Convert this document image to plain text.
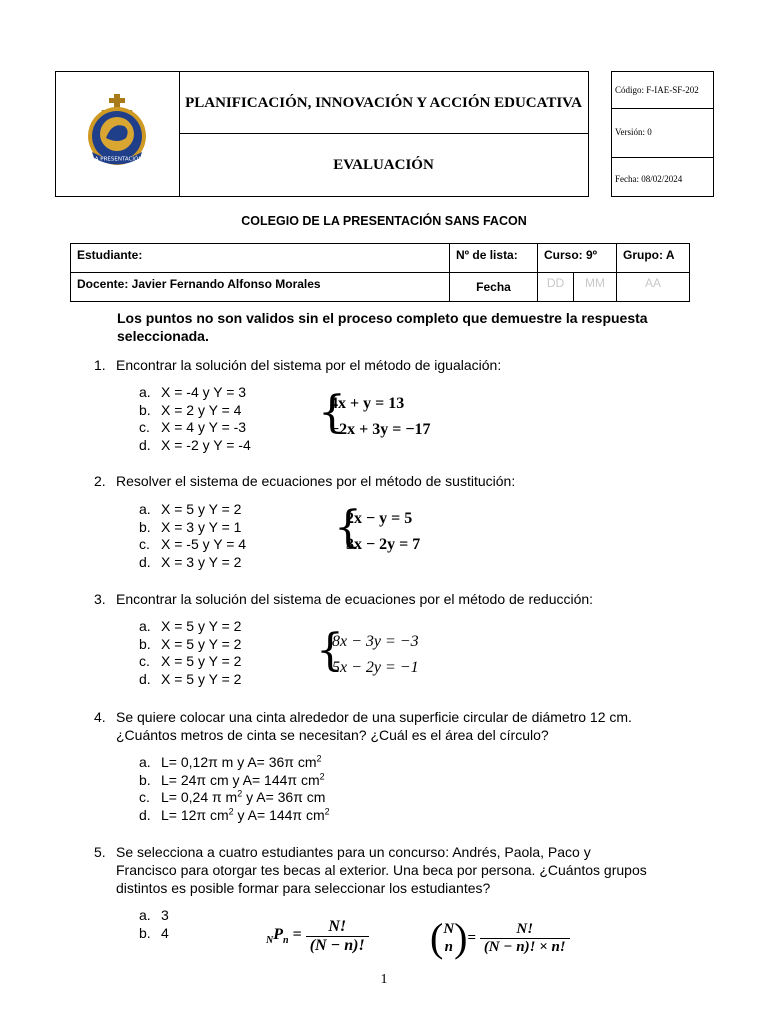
LA PRESENTACIÓN
PLANIFICACIÓN, INNOVACIÓN Y ACCIÓN EDUCATIVA
EVALUACIÓN
Código: F-IAE-SF-202
Versión: 0
Fecha: 08/02/2024
COLEGIO DE LA PRESENTACIÓN SANS FACON
Estudiante:	Nº de lista:	Curso: 9º		Grupo: A
Docente: Javier Fernando Alfonso Morales	Fecha	DD	MM	AA
Los puntos no son validos sin el proceso completo que demuestre la respuesta seleccionada.
1. Encontrar la solución del sistema por el método de igualación:
a. X = -4 y Y = 3
b. X = 2 y Y = 4
c. X = 4 y Y = -3
d. X = -2 y Y = -4
{
4x + y = 13
−2x + 3y = −17
2. Resolver el sistema de ecuaciones por el método de sustitución:
a. X = 5 y Y = 2
b. X = 3 y Y = 1
c. X = -5 y Y = 4
d. X = 3 y Y = 2
{
2x − y = 5
3x − 2y = 7
3. Encontrar la solución del sistema de ecuaciones por el método de reducción:
a. X = 5 y Y = 2
b. X = 5 y Y = 2
c. X = 5 y Y = 2
d. X = 5 y Y = 2
{
8x − 3y = −3
5x − 2y = −1
4. Se quiere colocar una cinta alrededor de una superficie circular de diámetro 12 cm.
¿Cuántos metros de cinta se necesitan? ¿Cuál es el área del círculo?
a. L= 0,12π m y A= 36π $cm^2$
b. L= 24π cm y A= 144π $cm^2$
c. L= 0,24 π $m^2$ y A= 36π cm
d. L= 12π $cm^2$ y A= 144π $cm^2$
5. Se selecciona a cuatro estudiantes para un concurso: Andrés, Paola, Paco y
Francisco para otorgar tes becas al exterior. Una beca por persona. ¿Cuántos grupos
distintos es posible formar para seleccionar los estudiantes?
a. 3
b. 4
$_NP_n = \frac{N!}{(N - n)!}$ ( N
n )= $\frac{N!}{(N - n)! \times n!}$
1
